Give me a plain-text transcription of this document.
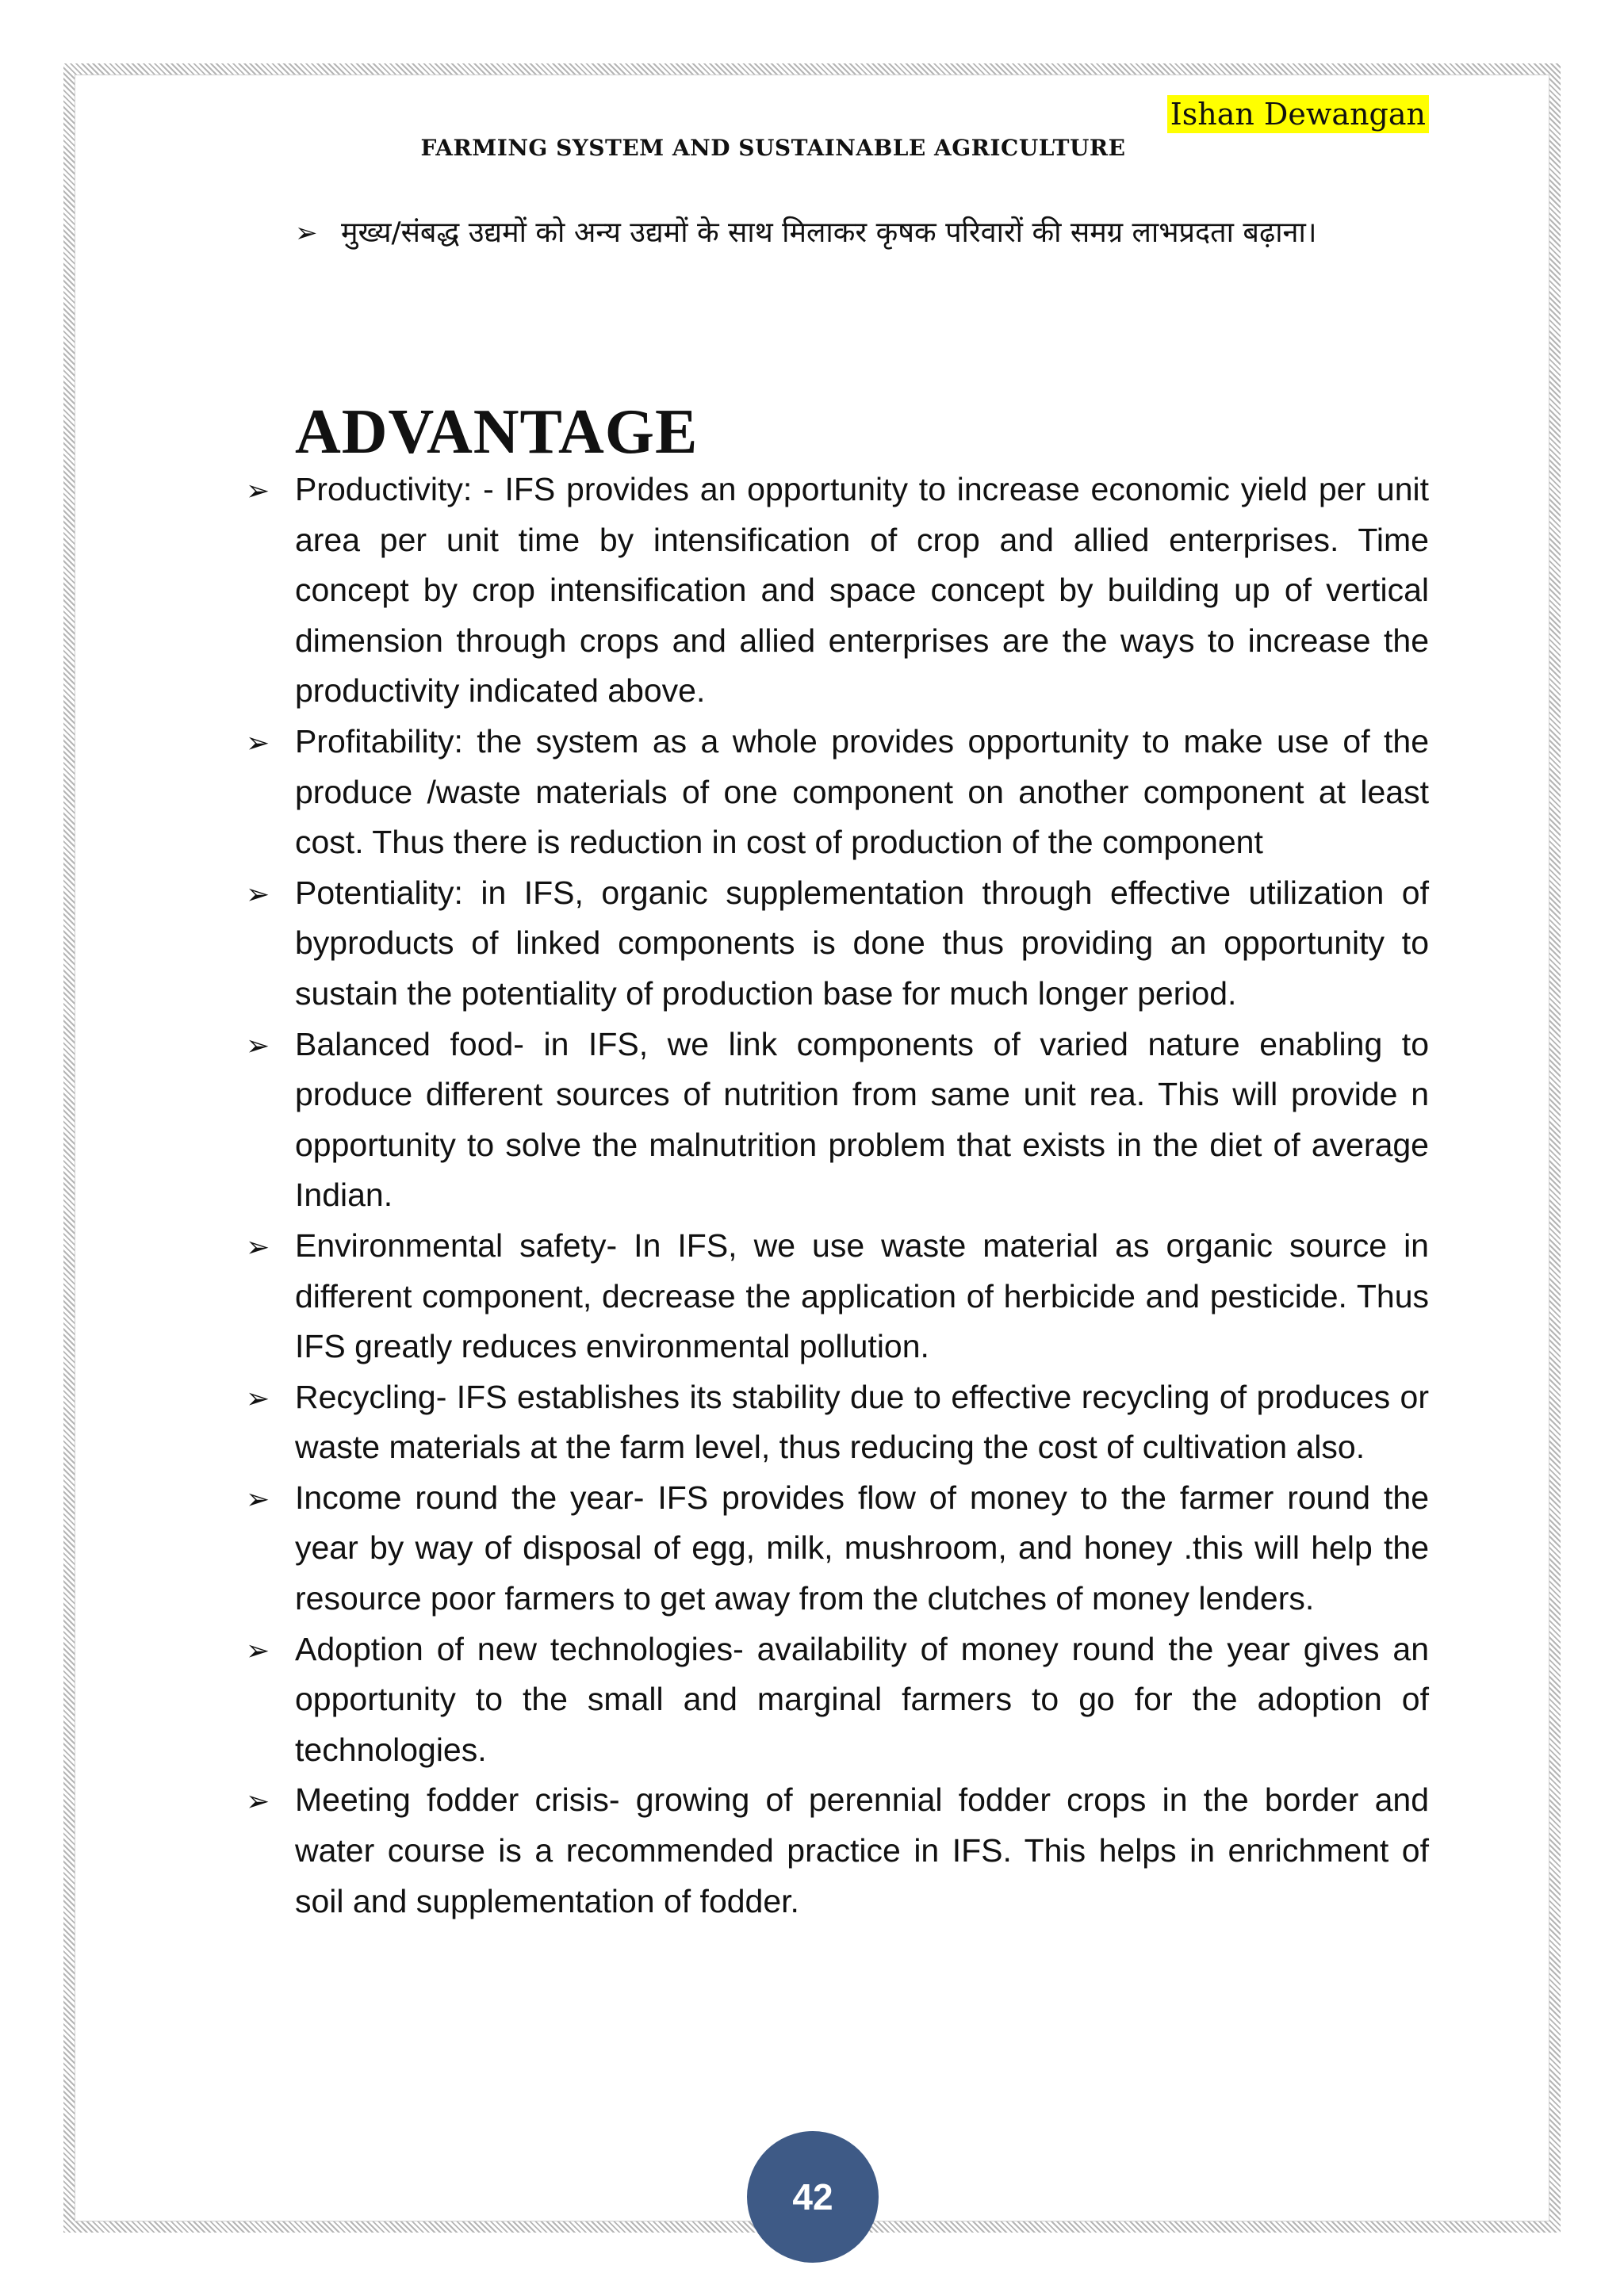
Ishan Dewangan
FARMING SYSTEM AND SUSTAINABLE AGRICULTURE
➢ मुख्य/संबद्ध उद्यमों को अन्य उद्यमों के साथ मिलाकर कृषक परिवारों की समग्र लाभप्रदता बढ़ाना।
ADVANTAGE
➢ Productivity: - IFS provides an opportunity to increase economic yield per unit area per unit time by intensification of crop and allied enterprises. Time concept by crop intensification and space concept by building up of vertical dimension through crops and allied enterprises are the ways to increase the productivity indicated above.
➢ Profitability: the system as a whole provides opportunity to make use of the produce /waste materials of one component on another component at least cost. Thus there is reduction in cost of production of the component
➢ Potentiality: in IFS, organic supplementation through effective utilization of byproducts of linked components is done thus providing an opportunity to sustain the potentiality of production base for much longer period.
➢ Balanced food- in IFS, we link components of varied nature enabling to produce different sources of nutrition from same unit rea. This will provide n opportunity to solve the malnutrition problem that exists in the diet of average Indian.
➢ Environmental safety- In IFS, we use waste material as organic source in different component, decrease the application of herbicide and pesticide. Thus IFS greatly reduces environmental pollution.
➢ Recycling- IFS establishes its stability due to effective recycling of produces or waste materials at the farm level, thus reducing the cost of cultivation also.
➢ Income round the year- IFS provides flow of money to the farmer round the year by way of disposal of egg, milk, mushroom, and honey .this will help the resource poor farmers to get away from the clutches of money lenders.
➢ Adoption of new technologies- availability of money round the year gives an opportunity to the small and marginal farmers to go for the adoption of technologies.
➢ Meeting fodder crisis- growing of perennial fodder crops in the border and water course is a recommended practice in IFS. This helps in enrichment of soil and supplementation of fodder.
42
